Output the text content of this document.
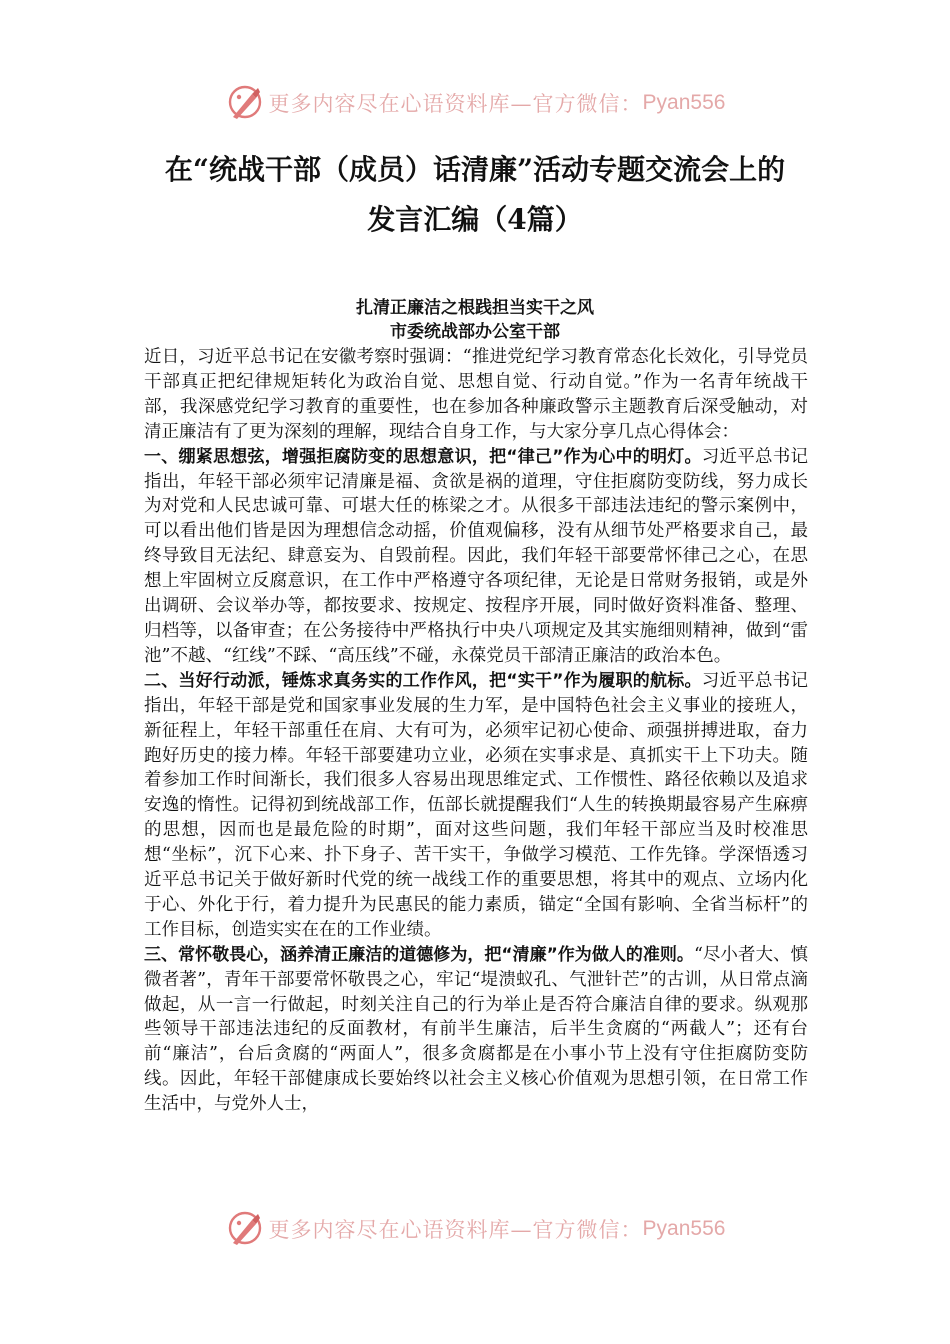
更多内容尽在心语资料库—官方微信： Pyan556
在“统战干部（成员）话清廉”活动专题交流会上的
发言汇编（4篇）
扎清正廉洁之根践担当实干之风
市委统战部办公室干部

近日，习近平总书记在安徽考察时强调：“推进党纪学习教育常态化长效化，引导党员干部真正把纪律规矩转化为政治自觉、思想自觉、行动自觉。”作为一名青年统战干部，我深感党纪学习教育的重要性，也在参加各种廉政警示主题教育后深受触动，对清正廉洁有了更为深刻的理解，现结合自身工作，与大家分享几点心得体会：

一、绷紧思想弦，增强拒腐防变的思想意识，把“律己”作为心中的明灯。习近平总书记指出，年轻干部必须牢记清廉是福、贪欲是祸的道理，守住拒腐防变防线，努力成长为对党和人民忠诚可靠、可堪大任的栋梁之才。从很多干部违法违纪的警示案例中，可以看出他们皆是因为理想信念动摇，价值观偏移，没有从细节处严格要求自己，最终导致目无法纪、肆意妄为、自毁前程。因此，我们年轻干部要常怀律己之心，在思想上牢固树立反腐意识，在工作中严格遵守各项纪律，无论是日常财务报销，或是外出调研、会议举办等，都按要求、按规定、按程序开展，同时做好资料准备、整理、归档等，以备审查；在公务接待中严格执行中央八项规定及其实施细则精神，做到“雷池”不越、“红线”不踩、“高压线”不碰，永葆党员干部清正廉洁的政治本色。

二、当好行动派，锤炼求真务实的工作作风，把“实干”作为履职的航标。习近平总书记指出，年轻干部是党和国家事业发展的生力军，是中国特色社会主义事业的接班人，新征程上，年轻干部重任在肩、大有可为，必须牢记初心使命、顽强拼搏进取，奋力跑好历史的接力棒。年轻干部要建功立业，必须在实事求是、真抓实干上下功夫。随着参加工作时间渐长，我们很多人容易出现思维定式、工作惯性、路径依赖以及追求安逸的惰性。记得初到统战部工作，伍部长就提醒我们“人生的转换期最容易产生麻痹的思想，因而也是最危险的时期”，面对这些问题，我们年轻干部应当及时校准思想“坐标”，沉下心来、扑下身子、苦干实干，争做学习模范、工作先锋。学深悟透习近平总书记关于做好新时代党的统一战线工作的重要思想，将其中的观点、立场内化于心、外化于行，着力提升为民惠民的能力素质，锚定“全国有影响、全省当标杆”的工作目标，创造实实在在的工作业绩。

三、常怀敬畏心，涵养清正廉洁的道德修为，把“清廉”作为做人的准则。“尽小者大、慎微者著”，青年干部要常怀敬畏之心，牢记“堤溃蚁孔、气泄针芒”的古训，从日常点滴做起，从一言一行做起，时刻关注自己的行为举止是否符合廉洁自律的要求。纵观那些领导干部违法违纪的反面教材，有前半生廉洁，后半生贪腐的“两截人”；还有台前“廉洁”，台后贪腐的“两面人”，很多贪腐都是在小事小节上没有守住拒腐防变防线。因此，年轻干部健康成长要始终以社会主义核心价值观为思想引领，在日常工作生活中，与党外人士，

更多内容尽在心语资料库—官方微信： Pyan556
